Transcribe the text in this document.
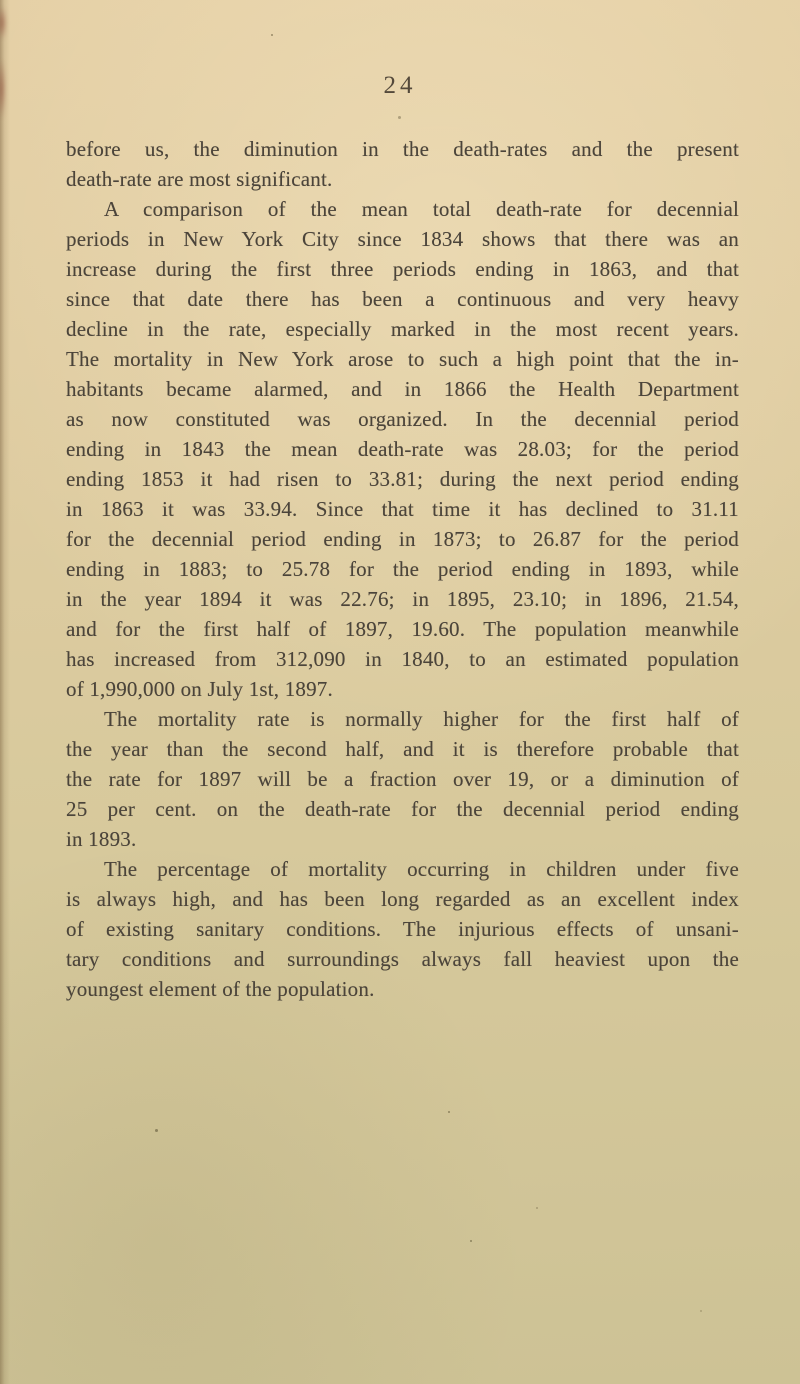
24
before us, the diminution in the death-rates and the present
death-rate are most significant.
A comparison of the mean total death-rate for decennial
periods in New York City since 1834 shows that there was an
increase during the first three periods ending in 1863, and that
since that date there has been a continuous and very heavy
decline in the rate, especially marked in the most recent years.
The mortality in New York arose to such a high point that the in-
habitants became alarmed, and in 1866 the Health Department
as now constituted was organized. In the decennial period
ending in 1843 the mean death-rate was 28.03; for the period
ending 1853 it had risen to 33.81; during the next period ending
in 1863 it was 33.94. Since that time it has declined to 31.11
for the decennial period ending in 1873; to 26.87 for the period
ending in 1883; to 25.78 for the period ending in 1893, while
in the year 1894 it was 22.76; in 1895, 23.10; in 1896, 21.54,
and for the first half of 1897, 19.60. The population meanwhile
has increased from 312,090 in 1840, to an estimated population
of 1,990,000 on July 1st, 1897.
The mortality rate is normally higher for the first half of
the year than the second half, and it is therefore probable that
the rate for 1897 will be a fraction over 19, or a diminution of
25 per cent. on the death-rate for the decennial period ending
in 1893.
The percentage of mortality occurring in children under five
is always high, and has been long regarded as an excellent index
of existing sanitary conditions. The injurious effects of unsani-
tary conditions and surroundings always fall heaviest upon the
youngest element of the population.
